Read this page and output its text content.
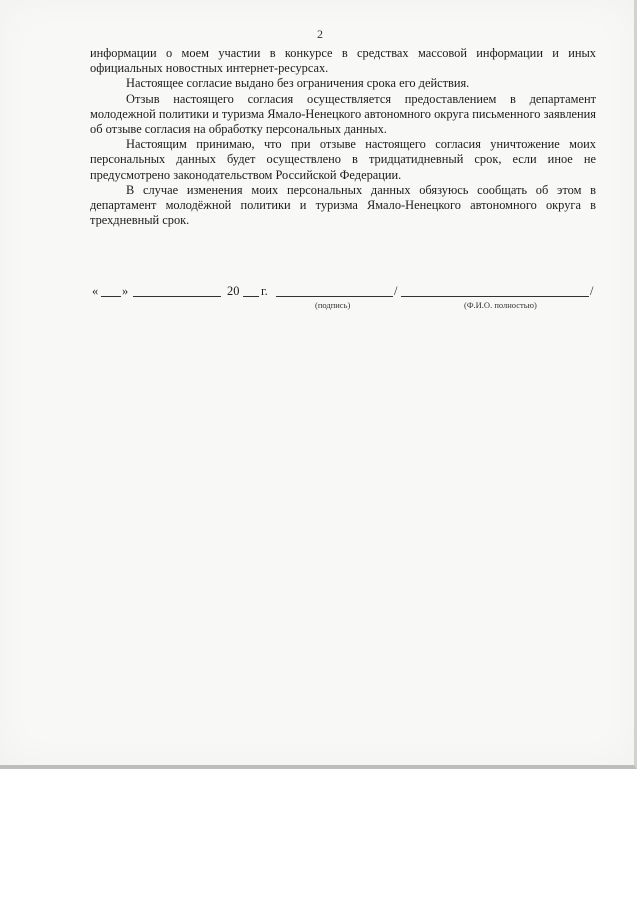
2

информации о моем участии в конкурсе в средствах массовой информации и иных официальных новостных интернет-ресурсах.

Настоящее согласие выдано без ограничения срока его действия.

Отзыв настоящего согласия осуществляется предоставлением в департамент молодежной политики и туризма Ямало-Ненецкого автономного округа письменного заявления об отзыве согласия на обработку персональных данных.

Настоящим принимаю, что при отзыве настоящего согласия уничтожение моих персональных данных будет осуществлено в тридцатидневный срок, если иное не предусмотрено законодательством Российской Федерации.

В случае изменения моих персональных данных обязуюсь сообщать об этом в департамент молодёжной политики и туризма Ямало-Ненецкого автономного округа в трехдневный срок.

« »	20 г.	/	/
(подпись)	(Ф.И.О. полностью)
